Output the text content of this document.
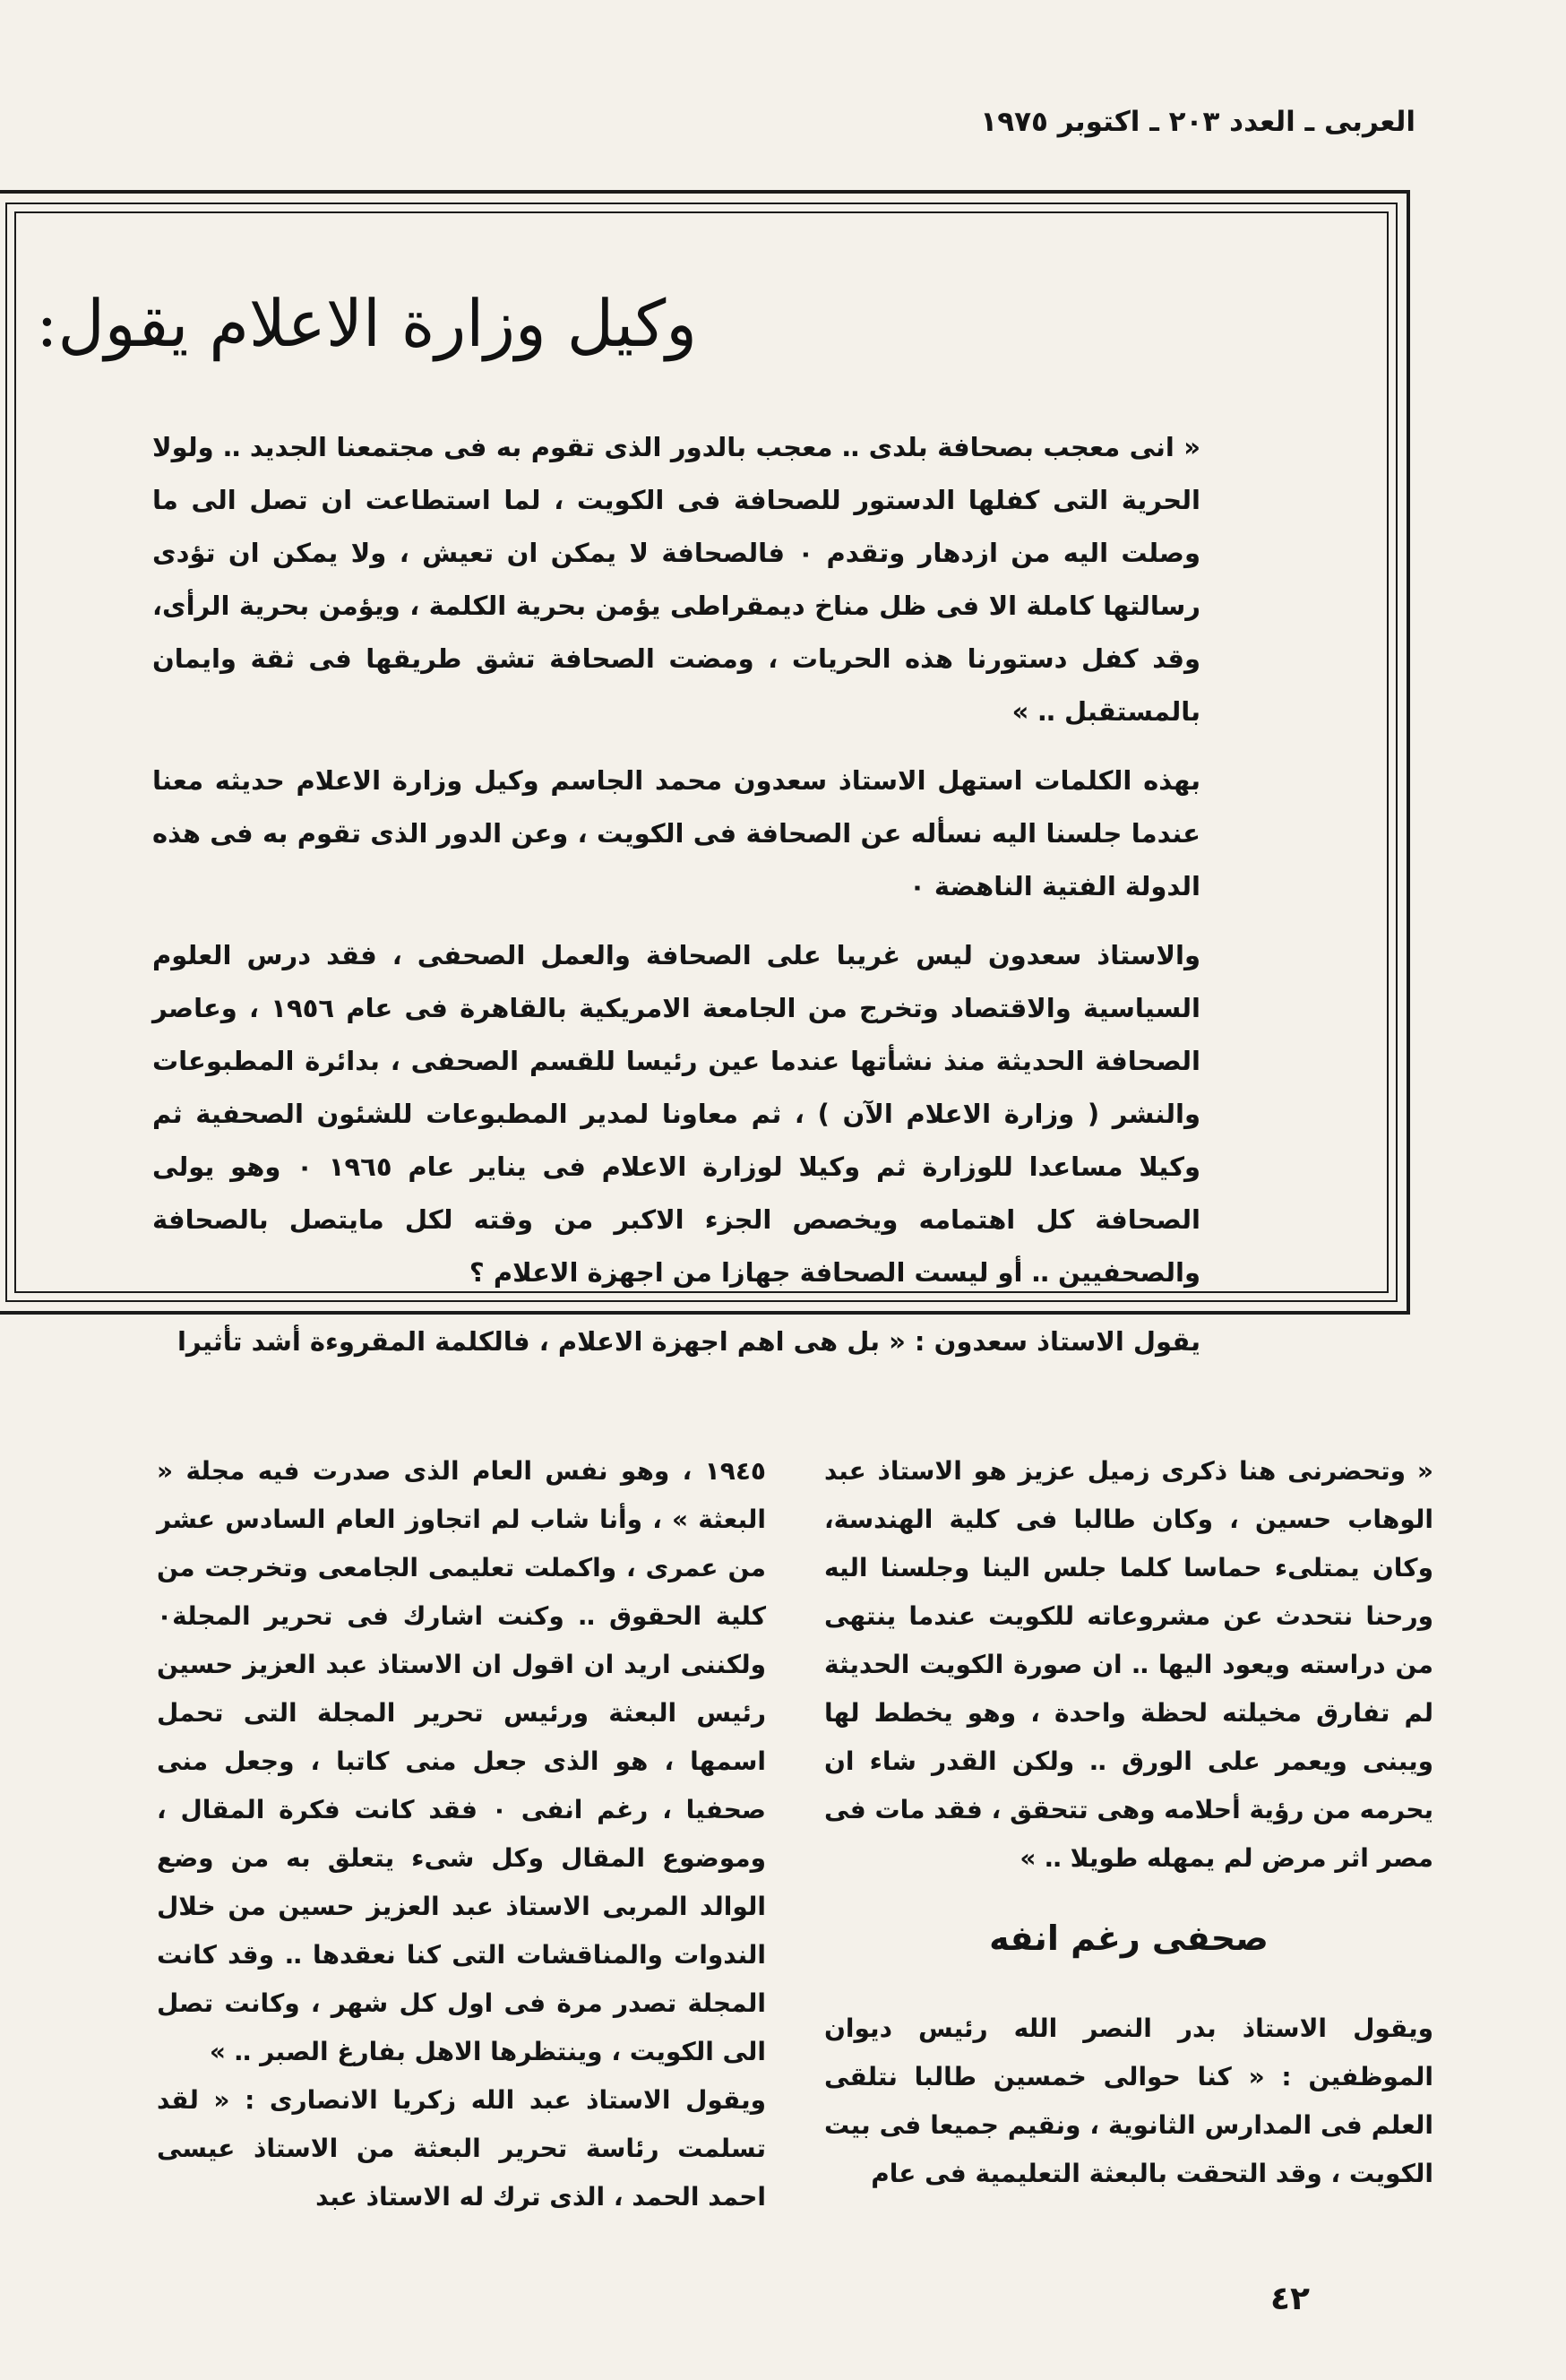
العربى ـ العدد ٢٠٣ ـ اكتوبر ١٩٧٥
وكيل وزارة الاعلام يقول:

« انى معجب بصحافة بلدى ‥ معجب بالدور الذى تقوم به فى مجتمعنا الجديد ‥ ولولا الحرية التى كفلها الدستور للصحافة فى الكويت ، لما استطاعت ان تصل الى ما وصلت اليه من ازدهار وتقدم ٠ فالصحافة لا يمكن ان تعيش ، ولا يمكن ان تؤدى رسالتها كاملة الا فى ظل مناخ ديمقراطى يؤمن بحرية الكلمة ، ويؤمن بحرية الرأى، وقد كفل دستورنا هذه الحريات ، ومضت الصحافة تشق طريقها فى ثقة وايمان بالمستقبل ‥ »

بهذه الكلمات استهل الاستاذ سعدون محمد الجاسم وكيل وزارة الاعلام حديثه معنا عندما جلسنا اليه نسأله عن الصحافة فى الكويت ، وعن الدور الذى تقوم به فى هذه الدولة الفتية الناهضة ٠

والاستاذ سعدون ليس غريبا على الصحافة والعمل الصحفى ، فقد درس العلوم السياسية والاقتصاد وتخرج من الجامعة الامريكية بالقاهرة فى عام ١٩٥٦ ، وعاصر الصحافة الحديثة منذ نشأتها عندما عين رئيسا للقسم الصحفى ، بدائرة المطبوعات والنشر ( وزارة الاعلام الآن ) ، ثم معاونا لمدير المطبوعات للشئون الصحفية ثم وكيلا مساعدا للوزارة ثم وكيلا لوزارة الاعلام فى يناير عام ١٩٦٥ ٠ وهو يولى الصحافة كل اهتمامه ويخصص الجزء الاكبر من وقته لكل مايتصل بالصحافة والصحفيين ‥ أو ليست الصحافة جهازا من اجهزة الاعلام ؟

يقول الاستاذ سعدون : « بل هى اهم اجهزة الاعلام ، فالكلمة المقروءة أشد تأثيرا

« وتحضرنى هنا ذكرى زميل عزيز هو الاستاذ عبد الوهاب حسين ، وكان طالبا فى كلية الهندسة، وكان يمتلىء حماسا كلما جلس الينا وجلسنا اليه ورحنا نتحدث عن مشروعاته للكويت عندما ينتهى من دراسته ويعود اليها ‥ ان صورة الكويت الحديثة لم تفارق مخيلته لحظة واحدة ، وهو يخطط لها ويبنى ويعمر على الورق ‥ ولكن القدر شاء ان يحرمه من رؤية أحلامه وهى تتحقق ، فقد مات فى مصر اثر مرض لم يمهله طويلا ‥ »

صحفى رغم انفه

ويقول الاستاذ بدر النصر الله رئيس ديوان الموظفين : « كنا حوالى خمسين طالبا نتلقى العلم فى المدارس الثانوية ، ونقيم جميعا فى بيت الكويت ، وقد التحقت بالبعثة التعليمية فى عام

١٩٤٥ ، وهو نفس العام الذى صدرت فيه مجلة « البعثة » ، وأنا شاب لم اتجاوز العام السادس عشر من عمرى ، واكملت تعليمى الجامعى وتخرجت من كلية الحقوق ‥ وكنت اشارك فى تحرير المجلة٠ ولكننى اريد ان اقول ان الاستاذ عبد العزيز حسين رئيس البعثة ورئيس تحرير المجلة التى تحمل اسمها ، هو الذى جعل منى كاتبا ، وجعل منى صحفيا ، رغم انفى ٠ فقد كانت فكرة المقال ، وموضوع المقال وكل شىء يتعلق به من وضع الوالد المربى الاستاذ عبد العزيز حسين من خلال الندوات والمناقشات التى كنا نعقدها ‥ وقد كانت المجلة تصدر مرة فى اول كل شهر ، وكانت تصل الى الكويت ، وينتظرها الاهل بفارغ الصبر ‥ »

ويقول الاستاذ عبد الله زكريا الانصارى : « لقد تسلمت رئاسة تحرير البعثة من الاستاذ عيسى احمد الحمد ، الذى ترك له الاستاذ عبد

٤٢
